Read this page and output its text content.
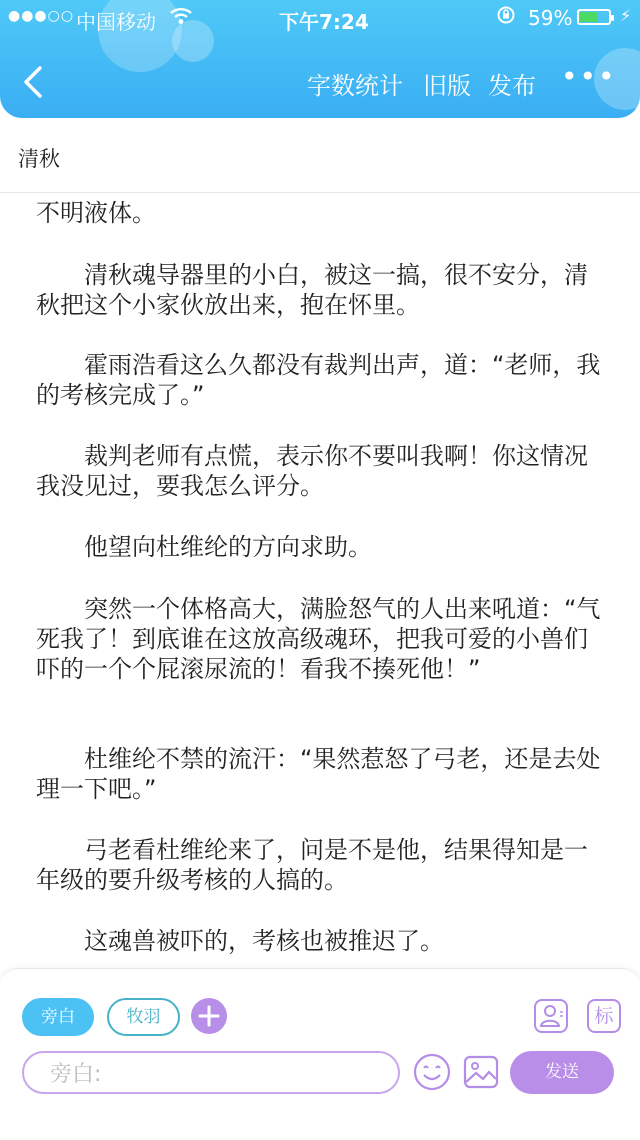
●●●○○ 中国移动	下午7:24	59%	⚡︎
字数统计 旧版 发布 •••
清秋

不明液体。

清秋魂导器里的小白，被这一搞，很不安分，清秋把这个小家伙放出来，抱在怀里。

霍雨浩看这么久都没有裁判出声，道：“老师，我的考核完成了。”

裁判老师有点慌，表示你不要叫我啊！你这情况我没见过，要我怎么评分。

他望向杜维纶的方向求助。

突然一个体格高大，满脸怒气的人出来吼道：“气死我了！到底谁在这放高级魂环，把我可爱的小兽们吓的一个个屁滚尿流的！看我不揍死他！”

杜维纶不禁的流汗：“果然惹怒了弓老，还是去处理一下吧。”

弓老看杜维纶来了，问是不是他，结果得知是一年级的要升级考核的人搞的。

这魂兽被吓的，考核也被推迟了。

旁白	牧羽	标
旁白:
发送
